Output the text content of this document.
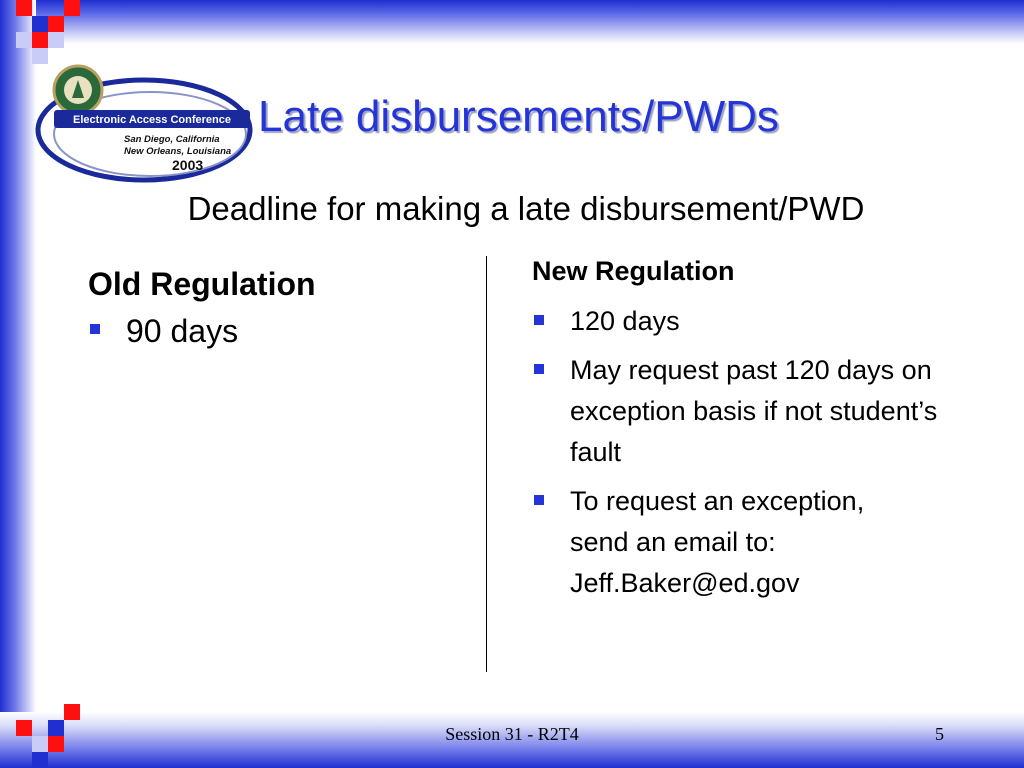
Electronic Access Conference
San Diego, California
New Orleans, Louisiana
2003
Late disbursements/PWDs

Deadline for making a late disbursement/PWD

Old Regulation
90 days
New Regulation
120 days
May request past 120 days on exception basis if not student’s fault
To request an exception, send an email to: Jeff.Baker@ed.gov
Session 31 - R2T4	5
